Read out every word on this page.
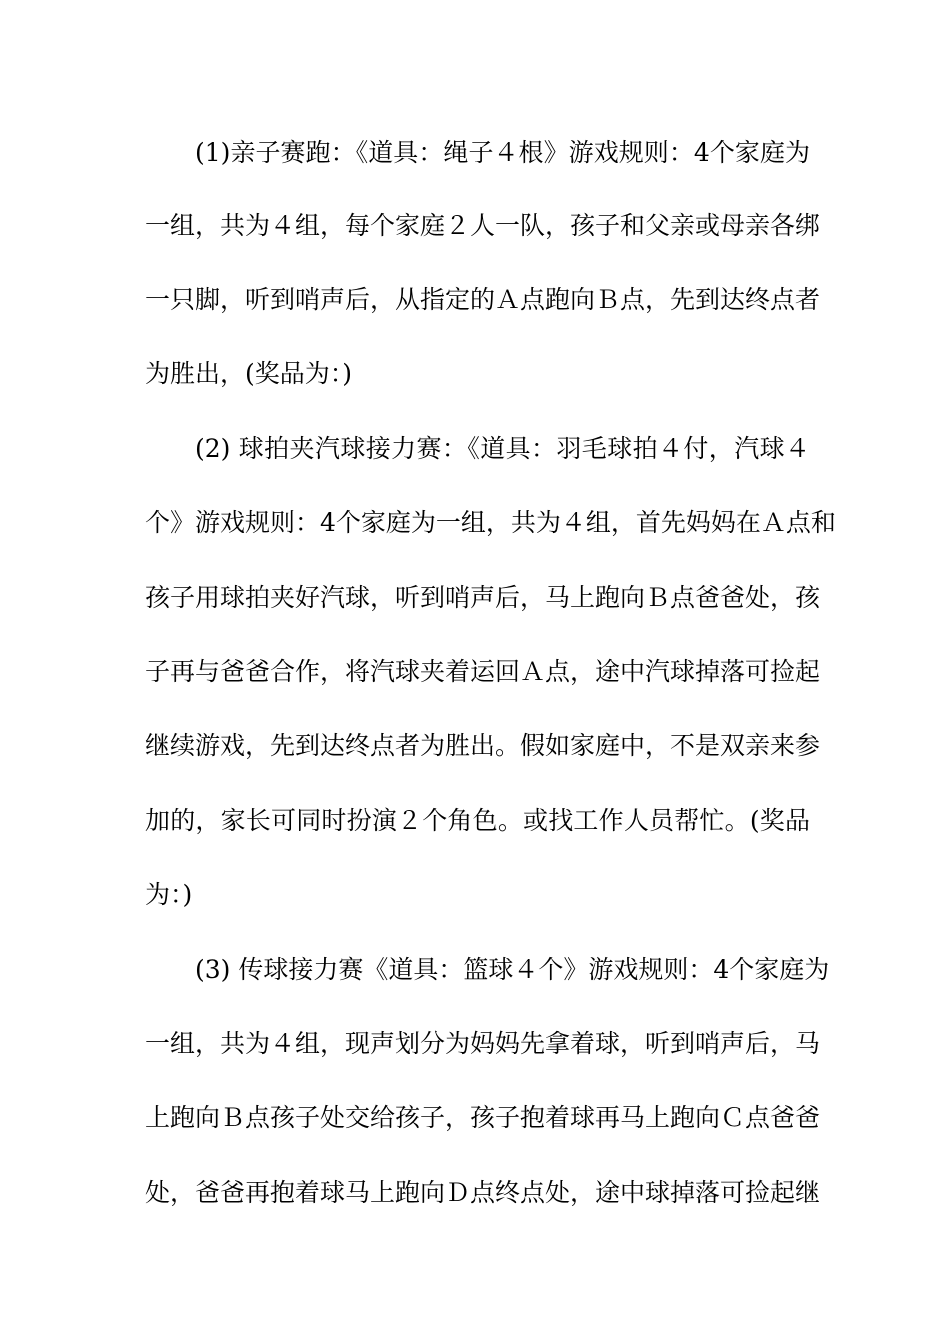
(1)亲子赛跑：《道具：绳子４根》游戏规则：4个家庭为
一组，共为４组，每个家庭２人一队，孩子和父亲或母亲各绑
一只脚，听到哨声后，从指定的Ａ点跑向Ｂ点，先到达终点者
为胜出，(奖品为：)
(2) 球拍夹汽球接力赛：《道具：羽毛球拍４付，汽球４
个》游戏规则：4个家庭为一组，共为４组，首先妈妈在Ａ点和
孩子用球拍夹好汽球，听到哨声后，马上跑向Ｂ点爸爸处，孩
子再与爸爸合作，将汽球夹着运回Ａ点，途中汽球掉落可捡起
继续游戏，先到达终点者为胜出。假如家庭中，不是双亲来参
加的，家长可同时扮演２个角色。或找工作人员帮忙。(奖品
为：)
(3) 传球接力赛《道具：篮球４个》游戏规则：4个家庭为
一组，共为４组，现声划分为妈妈先拿着球，听到哨声后，马
上跑向Ｂ点孩子处交给孩子，孩子抱着球再马上跑向Ｃ点爸爸
处，爸爸再抱着球马上跑向Ｄ点终点处，途中球掉落可捡起继
